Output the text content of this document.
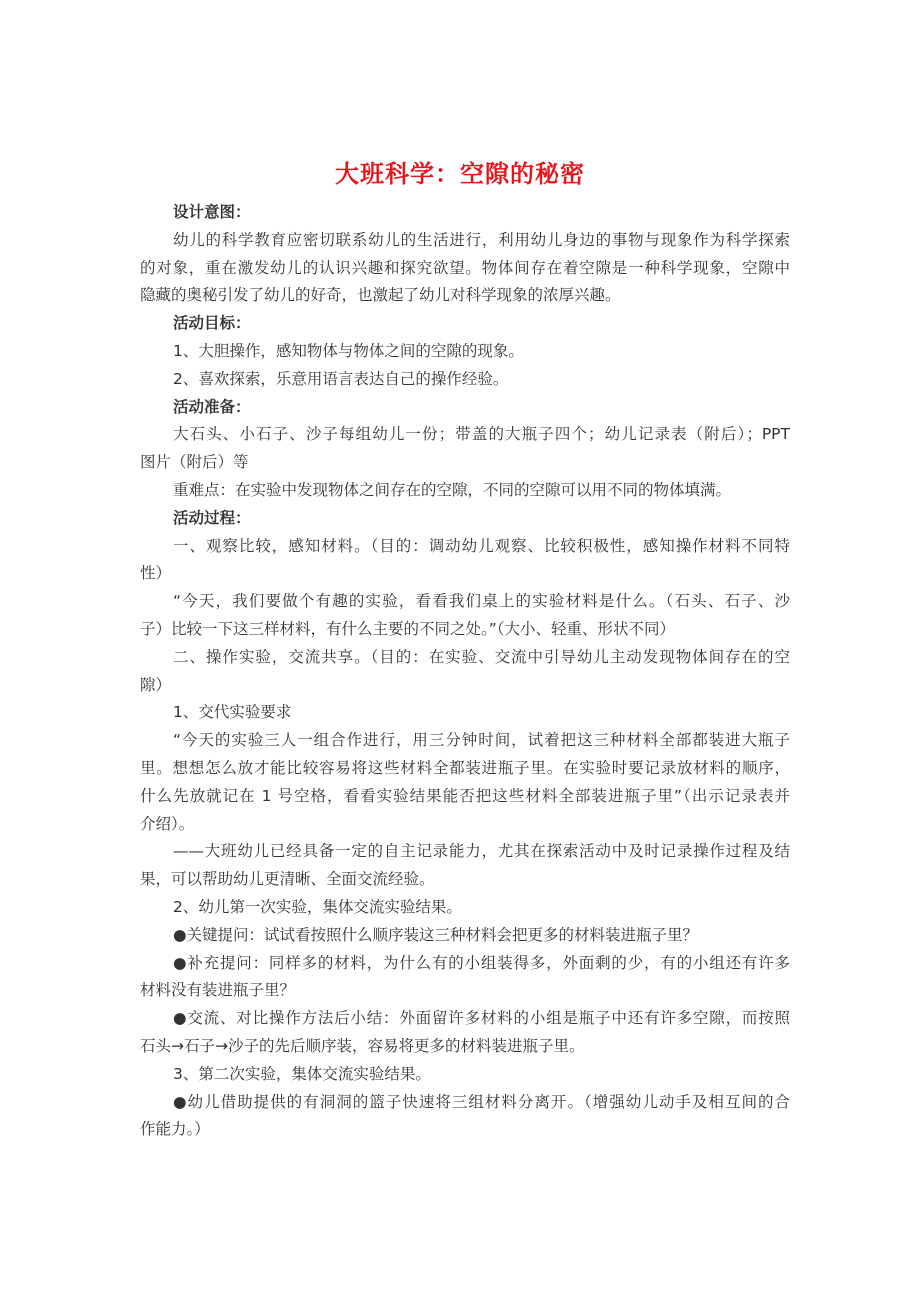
大班科学：空隙的秘密
设计意图：
幼儿的科学教育应密切联系幼儿的生活进行，利用幼儿身边的事物与现象作为科学探索
的对象，重在激发幼儿的认识兴趣和探究欲望。物体间存在着空隙是一种科学现象，空隙中
隐藏的奥秘引发了幼儿的好奇，也激起了幼儿对科学现象的浓厚兴趣。
活动目标：
1、大胆操作，感知物体与物体之间的空隙的现象。
2、喜欢探索，乐意用语言表达自己的操作经验。
活动准备：
大石头、小石子、沙子每组幼儿一份；带盖的大瓶子四个；幼儿记录表（附后）；PPT
图片（附后）等
重难点：在实验中发现物体之间存在的空隙，不同的空隙可以用不同的物体填满。
活动过程：
一、观察比较，感知材料。（目的：调动幼儿观察、比较积极性，感知操作材料不同特
性）
“今天，我们要做个有趣的实验，看看我们桌上的实验材料是什么。（石头、石子、沙
子）比较一下这三样材料，有什么主要的不同之处。”（大小、轻重、形状不同）
二、操作实验，交流共享。（目的：在实验、交流中引导幼儿主动发现物体间存在的空
隙）
1、交代实验要求
“今天的实验三人一组合作进行，用三分钟时间，试着把这三种材料全部都装进大瓶子
里。想想怎么放才能比较容易将这些材料全都装进瓶子里。在实验时要记录放材料的顺序，
什么先放就记在 1 号空格，看看实验结果能否把这些材料全部装进瓶子里”（出示记录表并
介绍）。
——大班幼儿已经具备一定的自主记录能力，尤其在探索活动中及时记录操作过程及结
果，可以帮助幼儿更清晰、全面交流经验。
2、幼儿第一次实验，集体交流实验结果。
●关键提问：试试看按照什么顺序装这三种材料会把更多的材料装进瓶子里？
●补充提问：同样多的材料，为什么有的小组装得多，外面剩的少，有的小组还有许多
材料没有装进瓶子里？
●交流、对比操作方法后小结：外面留许多材料的小组是瓶子中还有许多空隙，而按照
石头→石子→沙子的先后顺序装，容易将更多的材料装进瓶子里。
3、第二次实验，集体交流实验结果。
●幼儿借助提供的有洞洞的篮子快速将三组材料分离开。（增强幼儿动手及相互间的合
作能力。）
